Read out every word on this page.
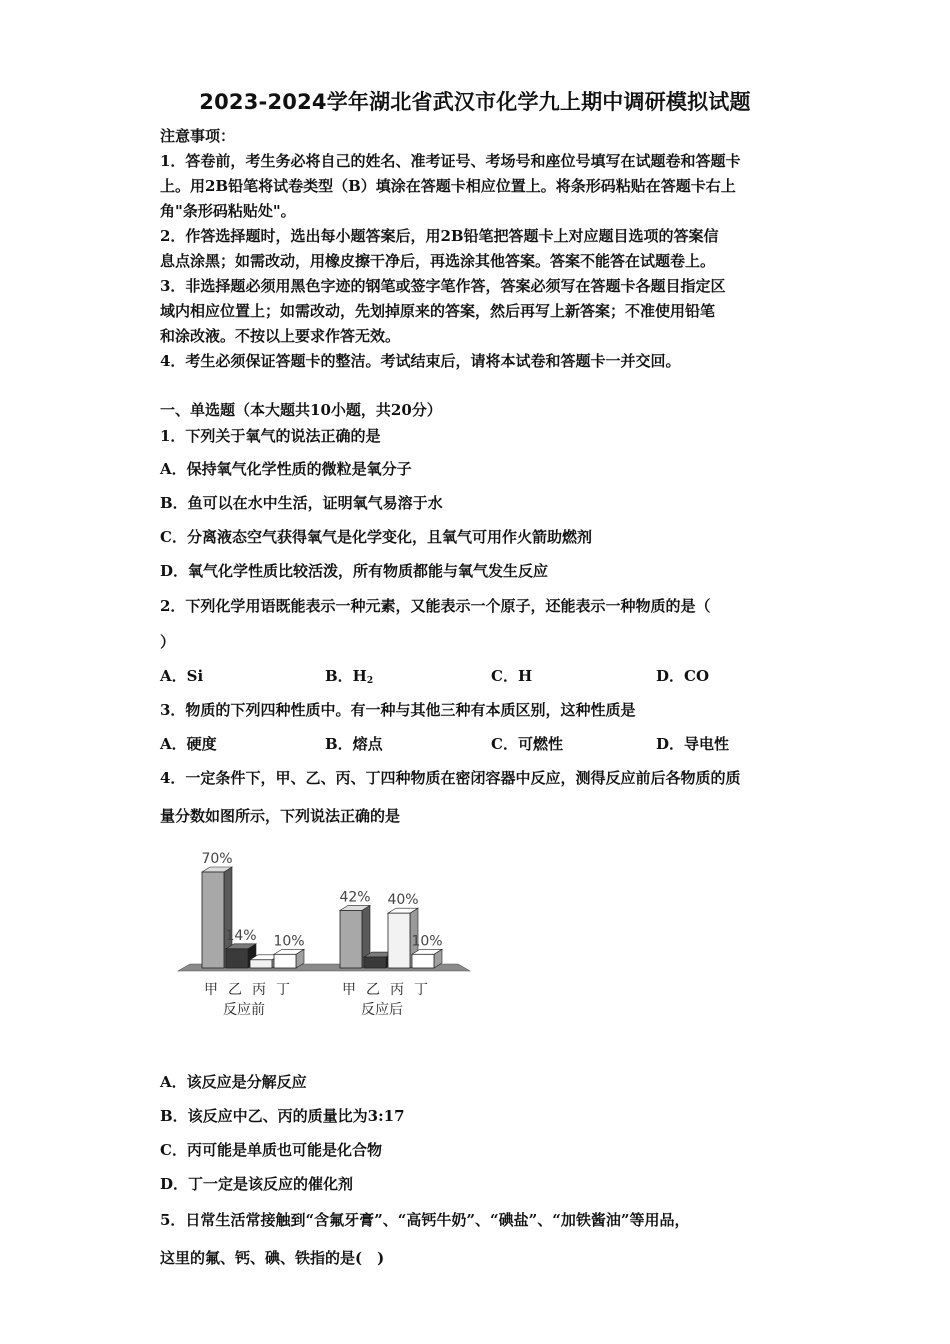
2023-2024学年湖北省武汉市化学九上期中调研模拟试题
注意事项：
1．答卷前，考生务必将自己的姓名、准考证号、考场号和座位号填写在试题卷和答题卡
上。用2B铅笔将试卷类型（B）填涂在答题卡相应位置上。将条形码粘贴在答题卡右上
角"条形码粘贴处"。
2．作答选择题时，选出每小题答案后，用2B铅笔把答题卡上对应题目选项的答案信
息点涂黑；如需改动，用橡皮擦干净后，再选涂其他答案。答案不能答在试题卷上。
3．非选择题必须用黑色字迹的钢笔或签字笔作答，答案必须写在答题卡各题目指定区
域内相应位置上；如需改动，先划掉原来的答案，然后再写上新答案；不准使用铅笔
和涂改液。不按以上要求作答无效。
4．考生必须保证答题卡的整洁。考试结束后，请将本试卷和答题卡一并交回。
一、单选题（本大题共10小题，共20分）
1．下列关于氧气的说法正确的是
A．保持氧气化学性质的微粒是氧分子
B．鱼可以在水中生活，证明氧气易溶于水
C．分离液态空气获得氧气是化学变化，且氧气可用作火箭助燃剂
D．氧气化学性质比较活泼，所有物质都能与氧气发生反应
2．下列化学用语既能表示一种元素，又能表示一个原子，还能表示一种物质的是（
）
A．Si	B．$H_2$	C．H	D．CO
3．物质的下列四种性质中。有一种与其他三种有本质区别，这种性质是
A．硬度	B．熔点	C．可燃性	D．导电性
4．一定条件下，甲、乙、丙、丁四种物质在密闭容器中反应，测得反应前后各物质的质
量分数如图所示，下列说法正确的是
70%
甲
14%
乙 丙
10%
丁
反应前
42%
甲 乙
40%
丙
10%
丁
反应后
A．该反应是分解反应
B．该反应中乙、丙的质量比为3:17
C．丙可能是单质也可能是化合物
D．丁一定是该反应的催化剂
5．日常生活常接触到“含氟牙膏”、“高钙牛奶”、“碘盐”、“加铁酱油”等用品，
这里的氟、钙、碘、铁指的是(　)
